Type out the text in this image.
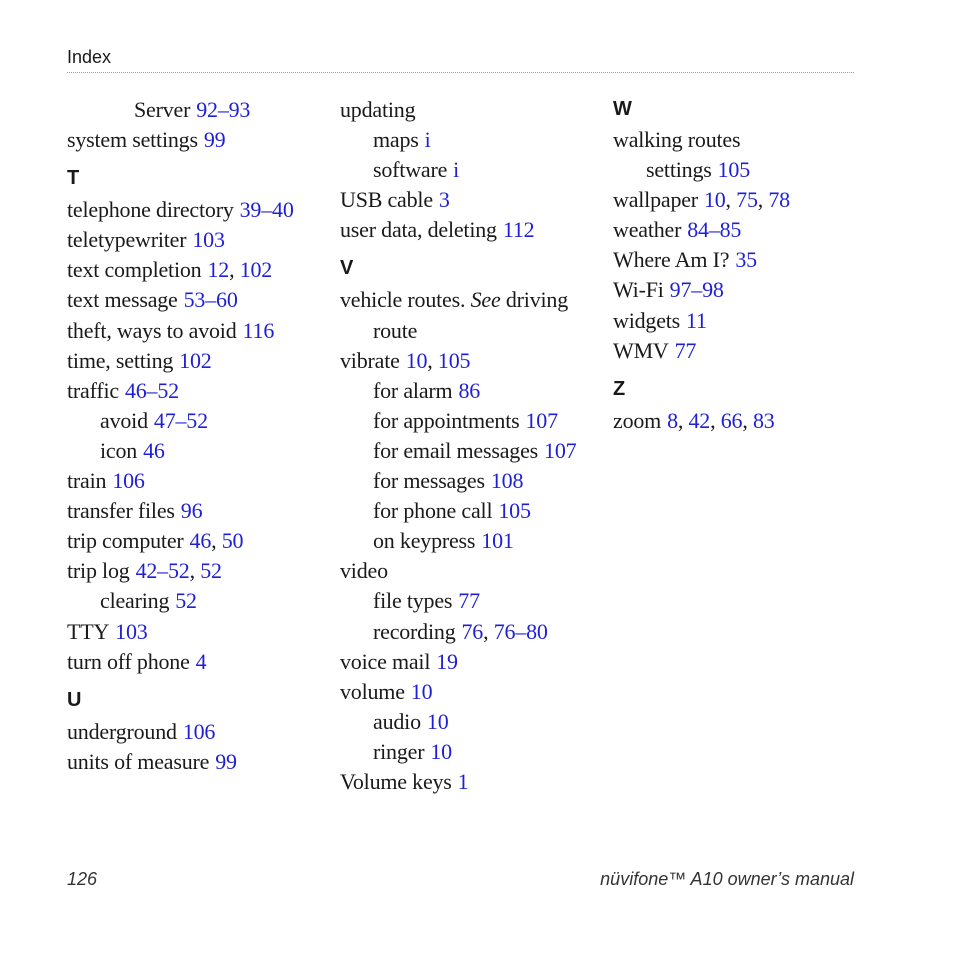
Index
Server 92–93
system settings 99
T
telephone directory 39–40
teletypewriter 103
text completion 12, 102
text message 53–60
theft, ways to avoid 116
time, setting 102
traffic 46–52
avoid 47–52
icon 46
train 106
transfer files 96
trip computer 46, 50
trip log 42–52, 52
clearing 52
TTY 103
turn off phone 4
U
underground 106
units of measure 99
updating
maps i
software i
USB cable 3
user data, deleting 112
V
vehicle routes. See driving
route
vibrate 10, 105
for alarm 86
for appointments 107
for email messages 107
for messages 108
for phone call 105
on keypress 101
video
file types 77
recording 76, 76–80
voice mail 19
volume 10
audio 10
ringer 10
Volume keys 1
W
walking routes
settings 105
wallpaper 10, 75, 78
weather 84–85
Where Am I? 35
Wi-Fi 97–98
widgets 11
WMV 77
Z
zoom 8, 42, 66, 83
126	nüvifone™ A10 owner’s manual
